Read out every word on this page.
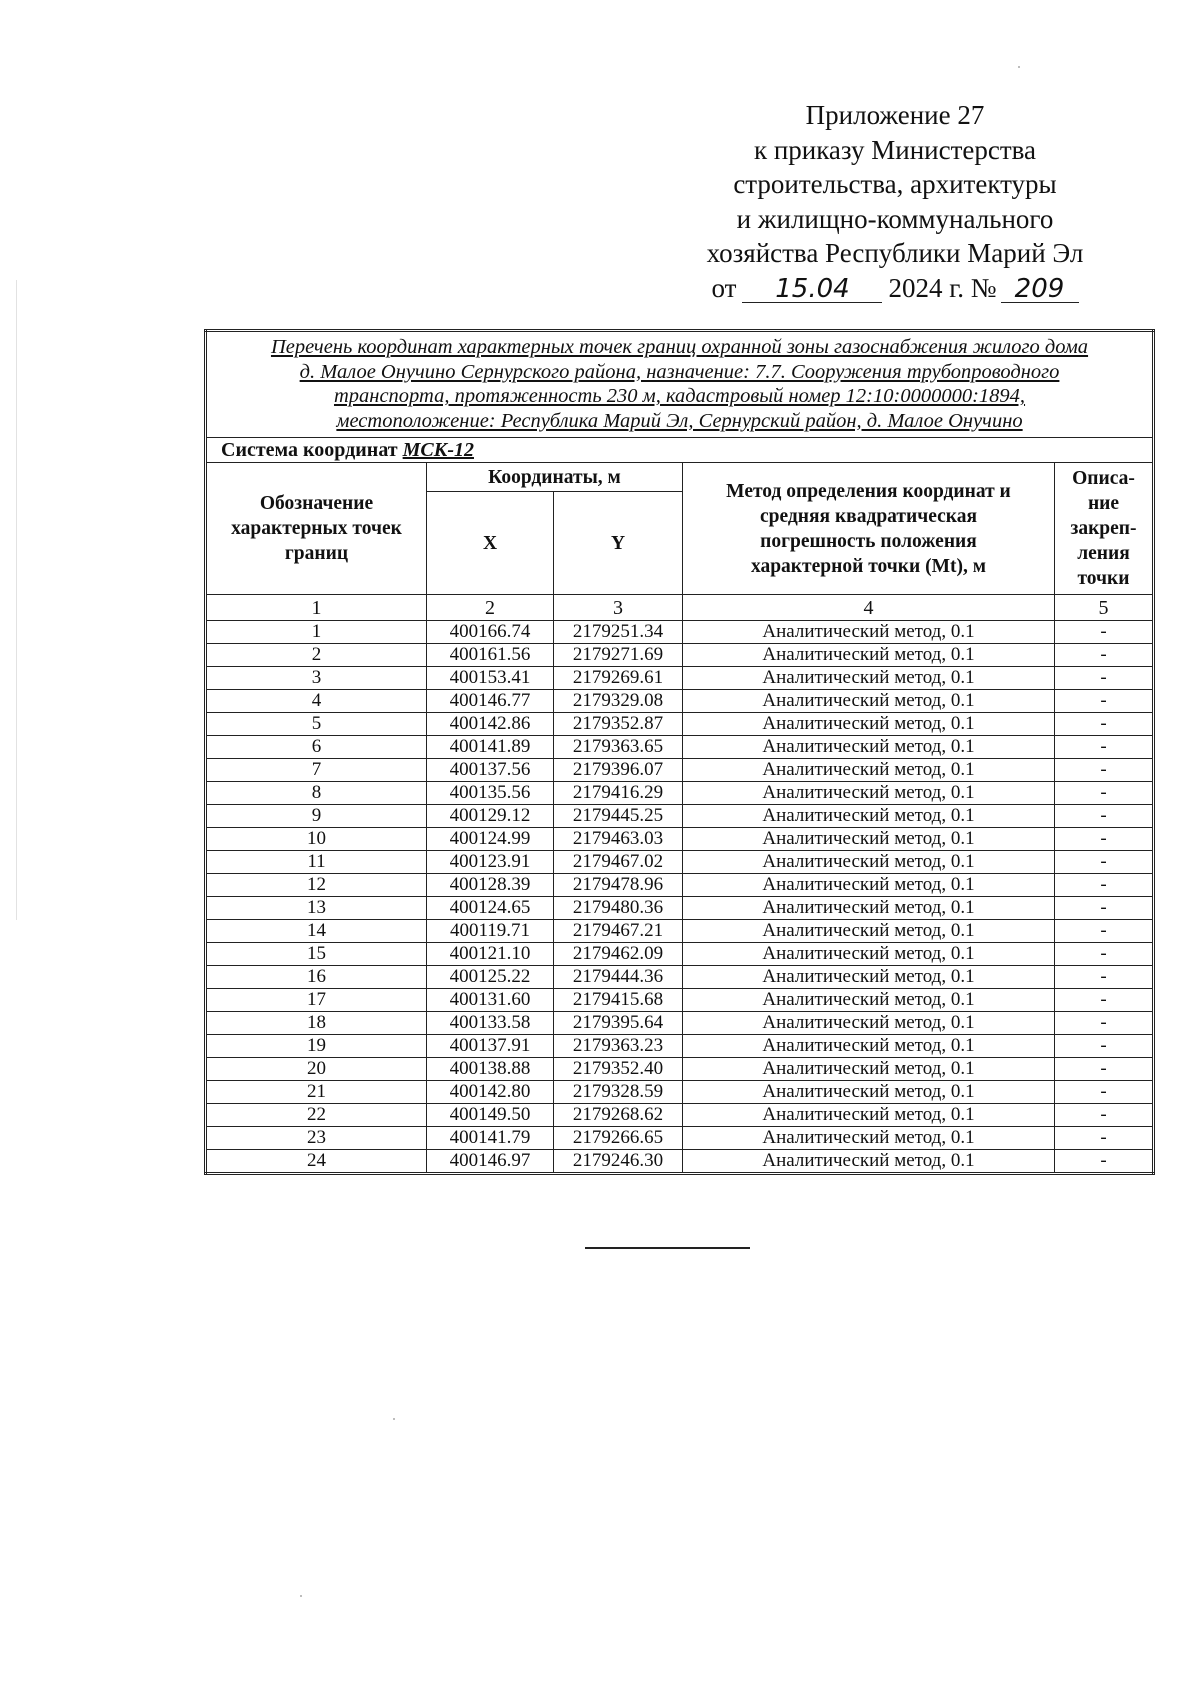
Приложение 27
к приказу Министерства
строительства, архитектуры
и жилищно-коммунального
хозяйства Республики Марий Эл
от 15.04 2024 г. № 209
Перечень координат характерных точек границ охранной зоны газоснабжения жилого дома
д. Малое Онучино Сернурского района, назначение: 7.7. Сооружения трубопроводного
транспорта, протяженность 230 м, кадастровый номер 12:10:0000000:1894,
местоположение: Республика Марий Эл, Сернурский район, д. Малое Онучино				

Система координат МСК-12				

Обозначение
характерных точек
границ	Координаты, м		Метод определения координат и
средняя квадратическая
погрешность положения
характерной точки (Mt), м	Описа-
ние
закреп-
ления
точки

	X	Y		
1	2	3	4	5
1	400166.74	2179251.34	Аналитический метод, 0.1	-
2	400161.56	2179271.69	Аналитический метод, 0.1	-
3	400153.41	2179269.61	Аналитический метод, 0.1	-
4	400146.77	2179329.08	Аналитический метод, 0.1	-
5	400142.86	2179352.87	Аналитический метод, 0.1	-
6	400141.89	2179363.65	Аналитический метод, 0.1	-
7	400137.56	2179396.07	Аналитический метод, 0.1	-
8	400135.56	2179416.29	Аналитический метод, 0.1	-
9	400129.12	2179445.25	Аналитический метод, 0.1	-
10	400124.99	2179463.03	Аналитический метод, 0.1	-
11	400123.91	2179467.02	Аналитический метод, 0.1	-
12	400128.39	2179478.96	Аналитический метод, 0.1	-
13	400124.65	2179480.36	Аналитический метод, 0.1	-
14	400119.71	2179467.21	Аналитический метод, 0.1	-
15	400121.10	2179462.09	Аналитический метод, 0.1	-
16	400125.22	2179444.36	Аналитический метод, 0.1	-
17	400131.60	2179415.68	Аналитический метод, 0.1	-
18	400133.58	2179395.64	Аналитический метод, 0.1	-
19	400137.91	2179363.23	Аналитический метод, 0.1	-
20	400138.88	2179352.40	Аналитический метод, 0.1	-
21	400142.80	2179328.59	Аналитический метод, 0.1	-
22	400149.50	2179268.62	Аналитический метод, 0.1	-
23	400141.79	2179266.65	Аналитический метод, 0.1	-
24	400146.97	2179246.30	Аналитический метод, 0.1	-
